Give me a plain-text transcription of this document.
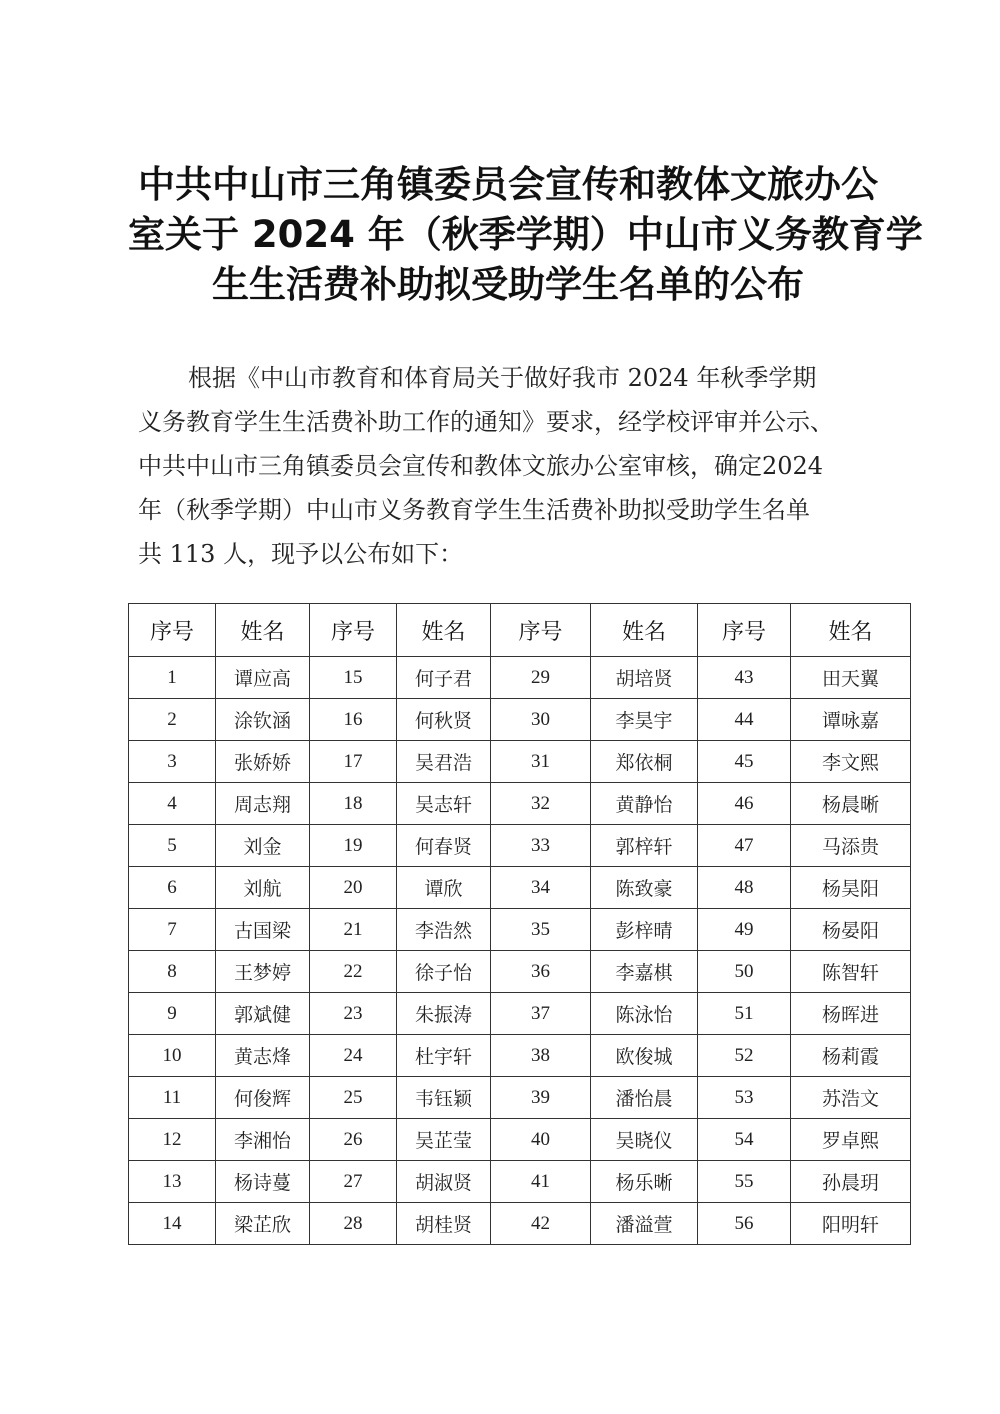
中共中山市三角镇委员会宣传和教体文旅办公
室关于 2024 年（秋季学期）中山市义务教育学
生生活费补助拟受助学生名单的公布
根据《中山市教育和体育局关于做好我市 2024 年秋季学期
义务教育学生生活费补助工作的通知》要求，经学校评审并公示、
中共中山市三角镇委员会宣传和教体文旅办公室审核，确定2024
年（秋季学期）中山市义务教育学生生活费补助拟受助学生名单
共 113 人，现予以公布如下：
序号	姓名	序号	姓名	序号	姓名	序号	姓名
1	谭应高	15	何子君	29	胡培贤	43	田天翼
2	涂钦涵	16	何秋贤	30	李昊宇	44	谭咏嘉
3	张娇娇	17	吴君浩	31	郑依桐	45	李文熙
4	周志翔	18	吴志轩	32	黄静怡	46	杨晨晰
5	刘金	19	何春贤	33	郭梓轩	47	马添贵
6	刘航	20	谭欣	34	陈致豪	48	杨昊阳
7	古国梁	21	李浩然	35	彭梓晴	49	杨晏阳
8	王梦婷	22	徐子怡	36	李嘉棋	50	陈智轩
9	郭斌健	23	朱振涛	37	陈泳怡	51	杨晖进
10	黄志烽	24	杜宇轩	38	欧俊城	52	杨莉霞
11	何俊辉	25	韦钰颖	39	潘怡晨	53	苏浩文
12	李湘怡	26	吴芷莹	40	吴晓仪	54	罗卓熙
13	杨诗蔓	27	胡淑贤	41	杨乐晰	55	孙晨玥
14	梁芷欣	28	胡桂贤	42	潘溢萱	56	阳明轩
